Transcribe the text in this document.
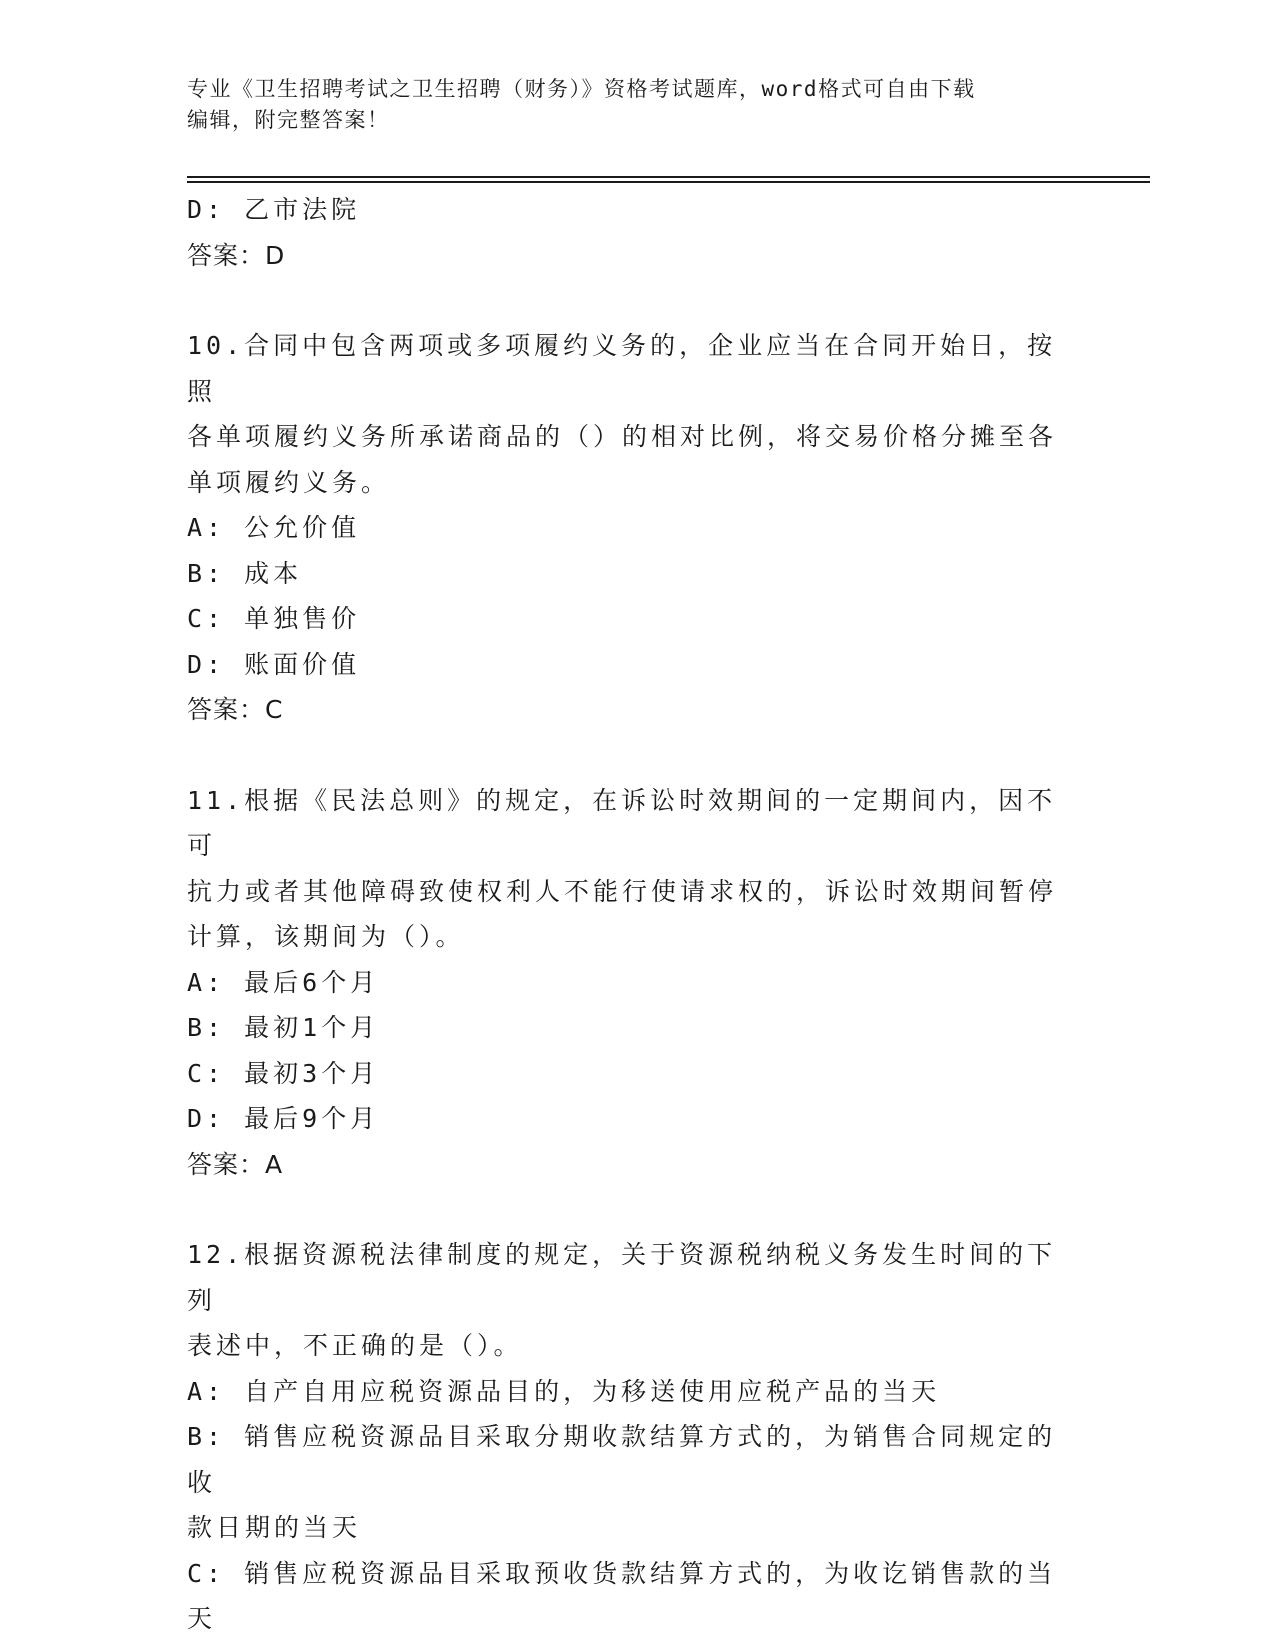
专业《卫生招聘考试之卫生招聘（财务）》资格考试题库，word格式可自由下载
编辑，附完整答案！
D: 乙市法院
答案：D
10.合同中包含两项或多项履约义务的，企业应当在合同开始日，按照
各单项履约义务所承诺商品的（）的相对比例，将交易价格分摊至各
单项履约义务。
A: 公允价值
B: 成本
C: 单独售价
D: 账面价值
答案：C
11.根据《民法总则》的规定，在诉讼时效期间的一定期间内，因不可
抗力或者其他障碍致使权利人不能行使请求权的，诉讼时效期间暂停
计算，该期间为（）。
A: 最后6个月
B: 最初1个月
C: 最初3个月
D: 最后9个月
答案：A
12.根据资源税法律制度的规定，关于资源税纳税义务发生时间的下列
表述中，不正确的是（）。
A: 自产自用应税资源品目的，为移送使用应税产品的当天
B: 销售应税资源品目采取分期收款结算方式的，为销售合同规定的收
款日期的当天
C: 销售应税资源品目采取预收货款结算方式的，为收讫销售款的当天
